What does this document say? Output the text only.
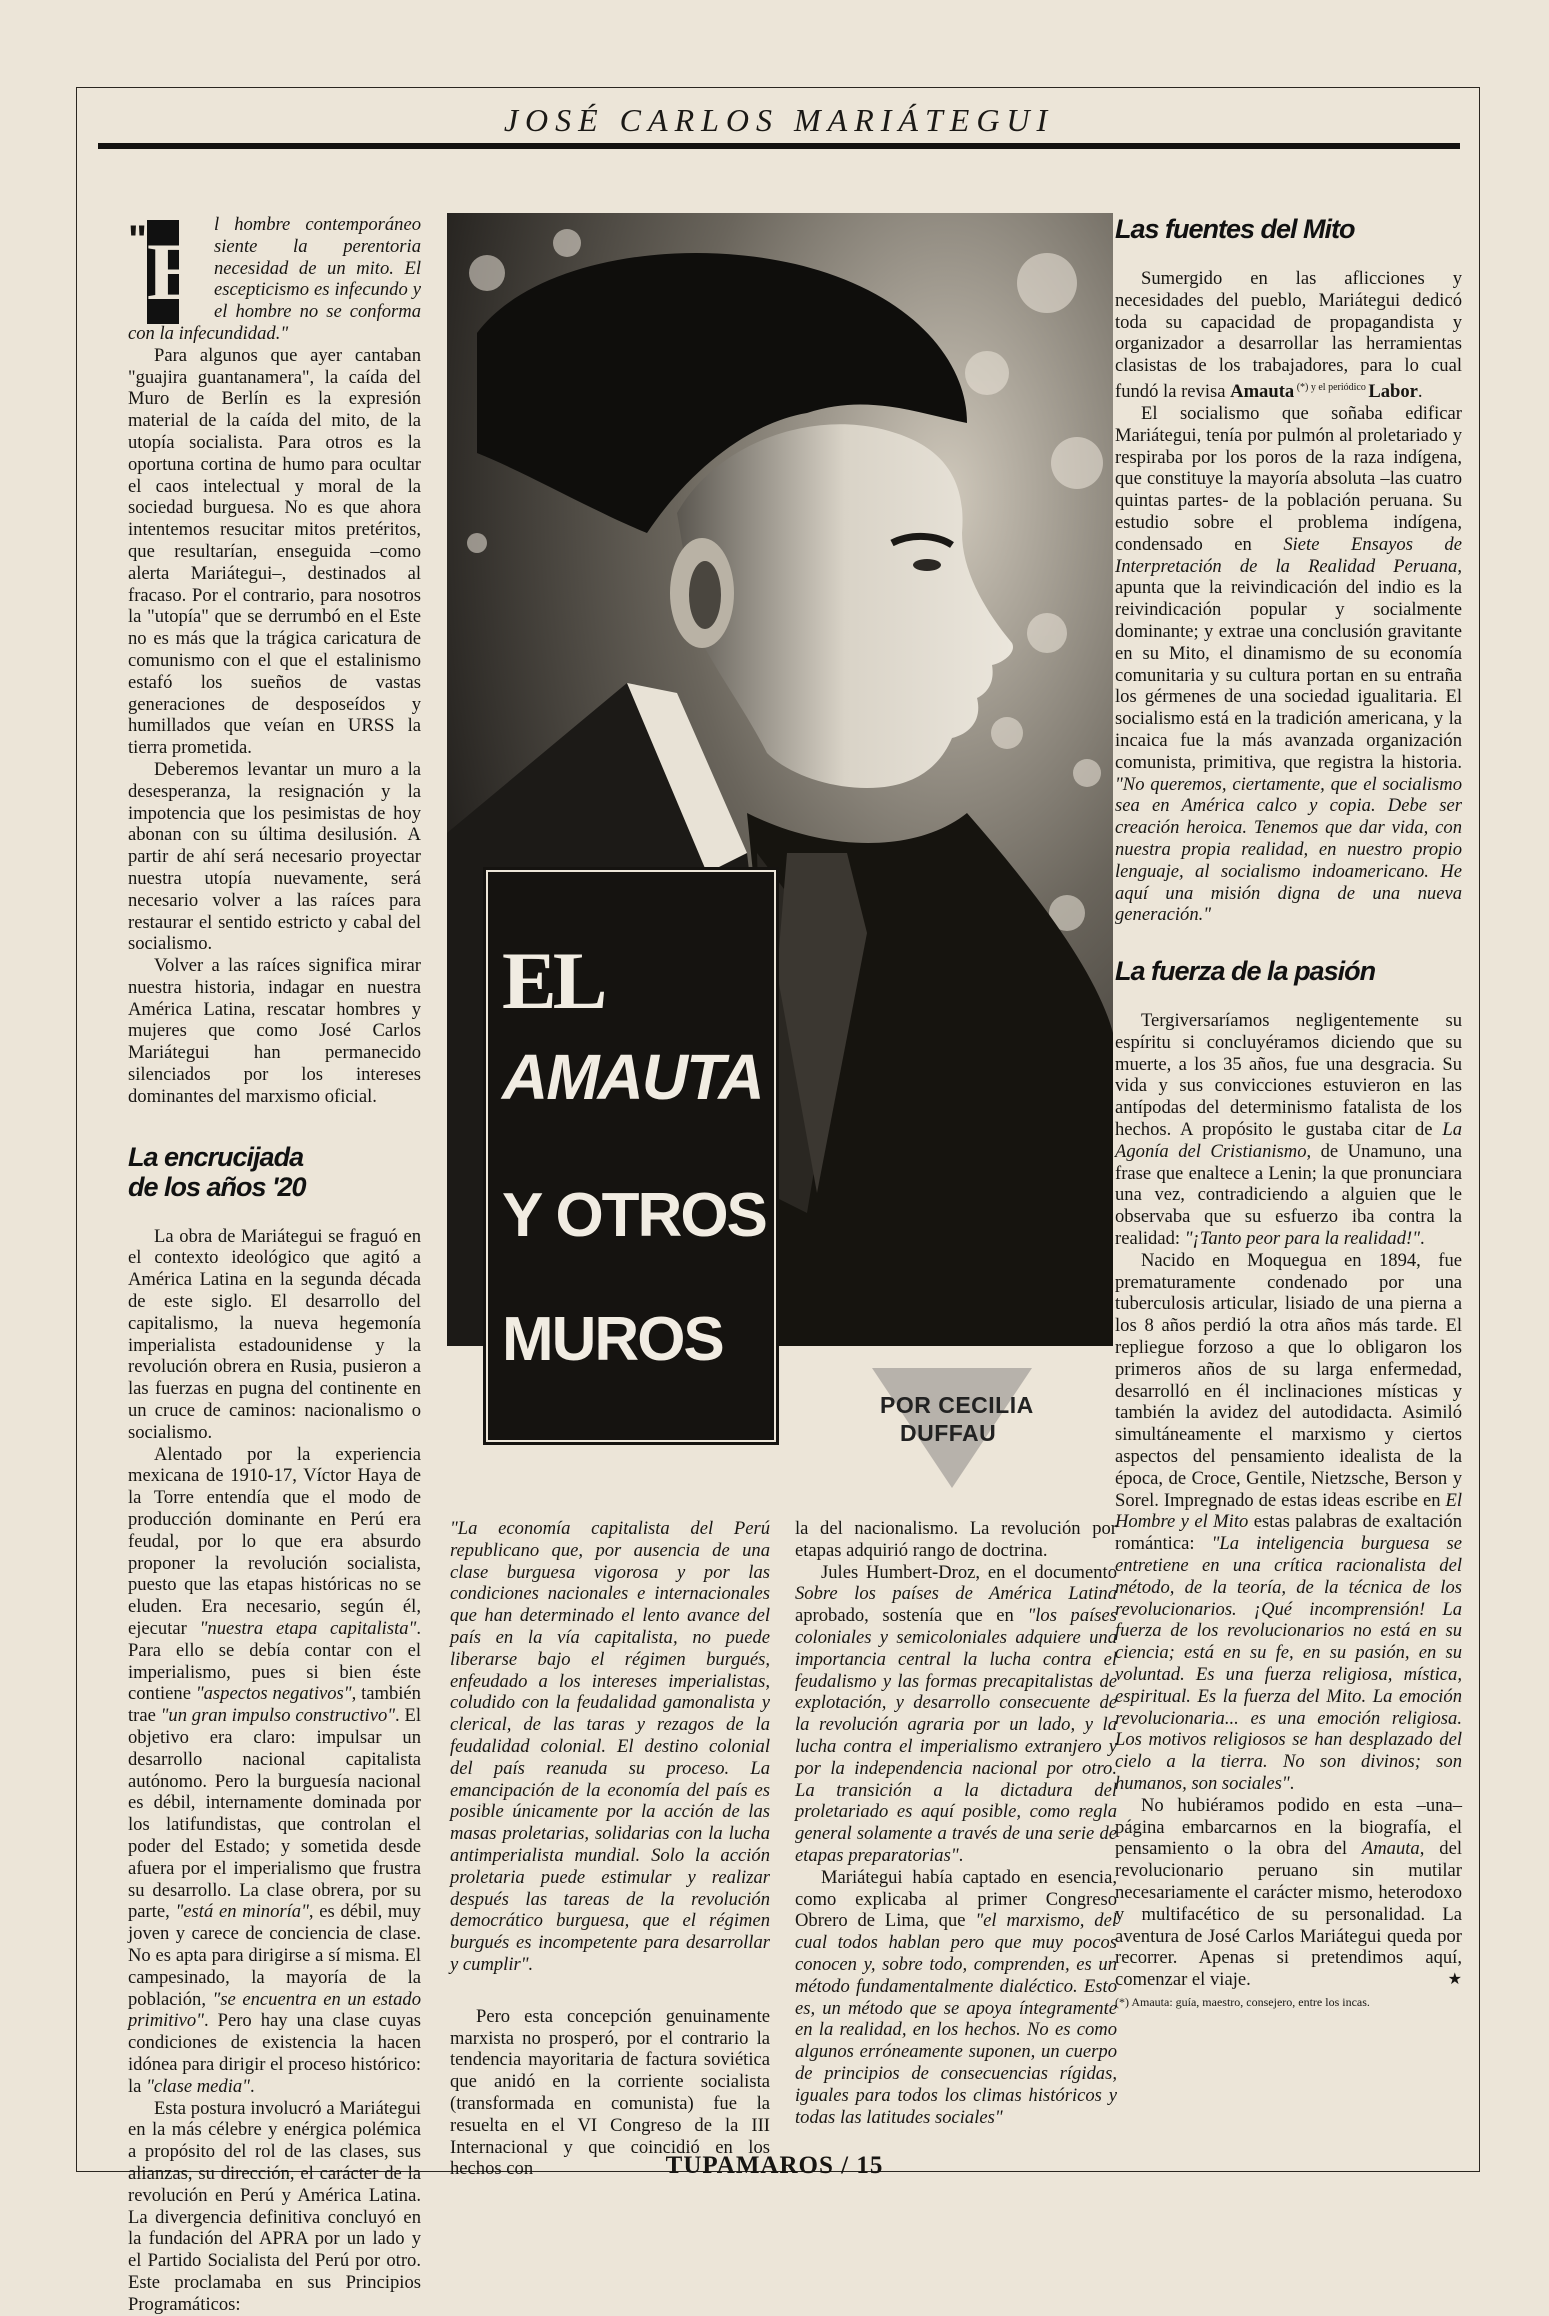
JOSÉ CARLOS MARIÁTEGUI
"E

l hombre contemporáneo siente la perentoria necesidad de un mito. El escepticismo es infecundo y el hombre no se conforma con la infecundidad."

Para algunos que ayer cantaban "guajira guantanamera", la caída del Muro de Berlín es la expresión material de la caída del mito, de la utopía socialista. Para otros es la oportuna cortina de humo para ocultar el caos intelectual y moral de la sociedad burguesa. No es que ahora intentemos resucitar mitos pretéritos, que resultarían, enseguida –como alerta Mariátegui–, destinados al fracaso. Por el contrario, para nosotros la "utopía" que se derrumbó en el Este no es más que la trágica caricatura de comunismo con el que el estalinismo estafó los sueños de vastas generaciones de desposeídos y humillados que veían en URSS la tierra prometida.

Deberemos levantar un muro a la desesperanza, la resignación y la impotencia que los pesimistas de hoy abonan con su última desilusión. A partir de ahí será necesario proyectar nuestra utopía nuevamente, será necesario volver a las raíces para restaurar el sentido estricto y cabal del socialismo.

Volver a las raíces significa mirar nuestra historia, indagar en nuestra América Latina, rescatar hombres y mujeres que como José Carlos Mariátegui han permanecido silenciados por los intereses dominantes del marxismo oficial.

La encrucijada
de los años '20

La obra de Mariátegui se fraguó en el contexto ideológico que agitó a América Latina en la segunda década de este siglo. El desarrollo del capitalismo, la nueva hegemonía imperialista estadounidense y la revolución obrera en Rusia, pusieron a las fuerzas en pugna del continente en un cruce de caminos: nacionalismo o socialismo.

Alentado por la experiencia mexicana de 1910-17, Víctor Haya de la Torre entendía que el modo de producción dominante en Perú era feudal, por lo que era absurdo proponer la revolución socialista, puesto que las etapas históricas no se eluden. Era necesario, según él, ejecutar "nuestra etapa capitalista". Para ello se debía contar con el imperialismo, pues si bien éste contiene "aspectos negativos", también trae "un gran impulso constructivo". El objetivo era claro: impulsar un desarrollo nacional capitalista autónomo. Pero la burguesía nacional es débil, internamente dominada por los latifundistas, que controlan el poder del Estado; y sometida desde afuera por el imperialismo que frustra su desarrollo. La clase obrera, por su parte, "está en minoría", es débil, muy joven y carece de conciencia de clase. No es apta para dirigirse a sí misma. El campesinado, la mayoría de la población, "se encuentra en un estado primitivo". Pero hay una clase cuyas condiciones de existencia la hacen idónea para dirigir el proceso histórico: la "clase media".

Esta postura involucró a Mariátegui en la más célebre y enérgica polémica a propósito del rol de las clases, sus alianzas, su dirección, el carácter de la revolución en Perú y América Latina. La divergencia definitiva concluyó en la fundación del APRA por un lado y el Partido Socialista del Perú por otro. Este proclamaba en sus Principios Programáticos:

EL
AMAUTA
Y OTROS
MUROS
POR CECILIA
DUFFAU

"La economía capitalista del Perú republicano que, por ausencia de una clase burguesa vigorosa y por las condiciones nacionales e internacionales que han determinado el lento avance del país en la vía capitalista, no puede liberarse bajo el régimen burgués, enfeudado a los intereses imperialistas, coludido con la feudalidad gamonalista y clerical, de las taras y rezagos de la feudalidad colonial. El destino colonial del país reanuda su proceso. La emancipación de la economía del país es posible únicamente por la acción de las masas proletarias, solidarias con la lucha antimperialista mundial. Solo la acción proletaria puede estimular y realizar después las tareas de la revolución democrático burguesa, que el régimen burgués es incompetente para desarrollar y cumplir".

Pero esta concepción genuinamente marxista no prosperó, por el contrario la tendencia mayoritaria de factura soviética que anidó en la corriente socialista (transformada en comunista) fue la resuelta en el VI Congreso de la III Internacional y que coincidió en los hechos con

la del nacionalismo. La revolución por etapas adquirió rango de doctrina.

Jules Humbert-Droz, en el documento Sobre los países de América Latina aprobado, sostenía que en "los países coloniales y semicoloniales adquiere una importancia central la lucha contra el feudalismo y las formas precapitalistas de explotación, y desarrollo consecuente de la revolución agraria por un lado, y la lucha contra el imperialismo extranjero y por la independencia nacional por otro. La transición a la dictadura del proletariado es aquí posible, como regla general solamente a través de una serie de etapas preparatorias".

Mariátegui había captado en esencia, como explicaba al primer Congreso Obrero de Lima, que "el marxismo, del cual todos hablan pero que muy pocos conocen y, sobre todo, comprenden, es un método fundamentalmente dialéctico. Esto es, un método que se apoya íntegramente en la realidad, en los hechos. No es como algunos erróneamente suponen, un cuerpo de principios de consecuencias rígidas, iguales para todos los climas históricos y todas las latitudes sociales"

Las fuentes del Mito

Sumergido en las aflicciones y necesidades del pueblo, Mariátegui dedicó toda su capacidad de propagandista y organizador a desarrollar las herramientas clasistas de los trabajadores, para lo cual fundó la revisa Amauta $^{(*) y el periódico}$ Labor.

El socialismo que soñaba edificar Mariátegui, tenía por pulmón al proletariado y respiraba por los poros de la raza indígena, que constituye la mayoría absoluta –las cuatro quintas partes- de la población peruana. Su estudio sobre el problema indígena, condensado en Siete Ensayos de Interpretación de la Realidad Peruana, apunta que la reivindicación del indio es la reivindicación popular y socialmente dominante; y extrae una conclusión gravitante en su Mito, el dinamismo de su economía comunitaria y su cultura portan en su entraña los gérmenes de una sociedad igualitaria. El socialismo está en la tradición americana, y la incaica fue la más avanzada organización comunista, primitiva, que registra la historia. "No queremos, ciertamente, que el socialismo sea en América calco y copia. Debe ser creación heroica. Tenemos que dar vida, con nuestra propia realidad, en nuestro propio lenguaje, al socialismo indoamericano. He aquí una misión digna de una nueva generación."

La fuerza de la pasión

Tergiversaríamos negligentemente su espíritu si concluyéramos diciendo que su muerte, a los 35 años, fue una desgracia. Su vida y sus convicciones estuvieron en las antípodas del determinismo fatalista de los hechos. A propósito le gustaba citar de La Agonía del Cristianismo, de Unamuno, una frase que enaltece a Lenin; la que pronunciara una vez, contradiciendo a alguien que le observaba que su esfuerzo iba contra la realidad: "¡Tanto peor para la realidad!".

Nacido en Moquegua en 1894, fue prematuramente condenado por una tuberculosis articular, lisiado de una pierna a los 8 años perdió la otra años más tarde. El repliegue forzoso a que lo obligaron los primeros años de su larga enfermedad, desarrolló en él inclinaciones místicas y también la avidez del autodidacta. Asimiló simultáneamente el marxismo y ciertos aspectos del pensamiento idealista de la época, de Croce, Gentile, Nietzsche, Berson y Sorel. Impregnado de estas ideas escribe en El Hombre y el Mito estas palabras de exaltación romántica: "La inteligencia burguesa se entretiene en una crítica racionalista del método, de la teoría, de la técnica de los revolucionarios. ¡Qué incomprensión! La fuerza de los revolucionarios no está en su ciencia; está en su fe, en su pasión, en su voluntad. Es una fuerza religiosa, mística, espiritual. Es la fuerza del Mito. La emoción revolucionaria... es una emoción religiosa. Los motivos religiosos se han desplazado del cielo a la tierra. No son divinos; son humanos, son sociales".

No hubiéramos podido en esta –una– página embarcarnos en la biografía, el pensamiento o la obra del Amauta, del revolucionario peruano sin mutilar necesariamente el carácter mismo, heterodoxo y multifacético de su personalidad. La aventura de José Carlos Mariátegui queda por recorrer. Apenas si pretendimos aquí, comenzar el viaje.	★

(*) Amauta: guía, maestro, consejero, entre los incas.

TUPAMAROS / 15
